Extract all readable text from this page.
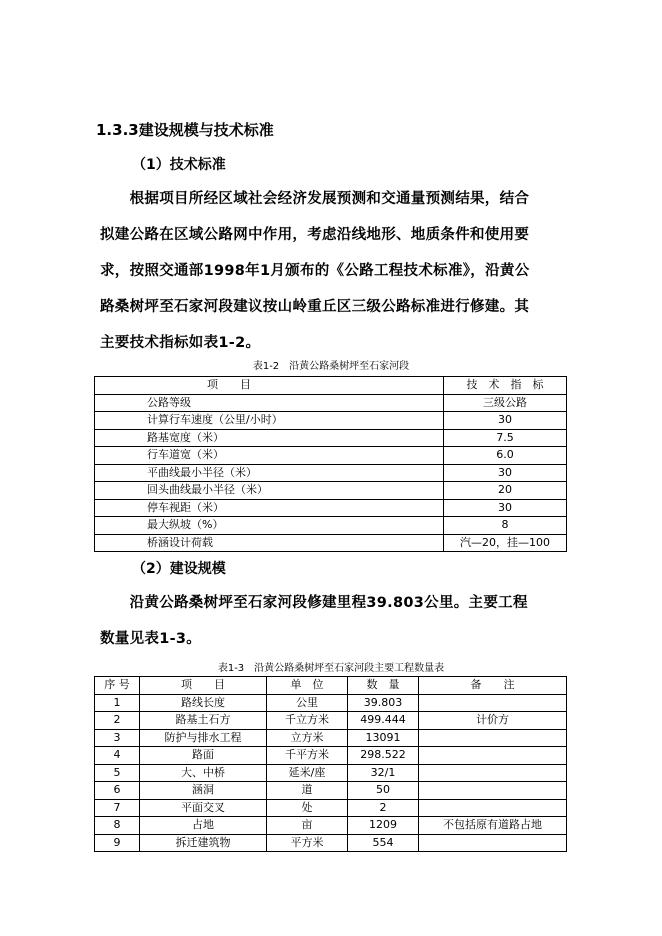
1.3.3建设规模与技术标准
（1）技术标准
　　根据项目所经区域社会经济发展预测和交通量预测结果，结合
拟建公路在区域公路网中作用，考虑沿线地形、地质条件和使用要
求，按照交通部1998年1月颁布的《公路工程技术标准》，沿黄公
路桑树坪至石家河段建议按山岭重丘区三级公路标准进行修建。其
主要技术指标如表1-2。
表1-2　沿黄公路桑树坪至石家河段
项　　目	技　术　指　标
公路等级	三级公路
计算行车速度（公里/小时）	30
路基宽度（米）	7.5
行车道宽（米）	6.0
平曲线最小半径（米）	30
回头曲线最小半径（米）	20
停车视距（米）	30
最大纵坡（%）	8
桥涵设计荷载	汽—20，挂—100
（2）建设规模
　　沿黄公路桑树坪至石家河段修建里程39.803公里。主要工程
数量见表1-3。
表1-3　沿黄公路桑树坪至石家河段主要工程数量表
序 号	项　　目	单　位	数　量	备　　注
1	路线长度	公里	39.803	
2	路基土石方	千立方米	499.444	计价方
3	防护与排水工程	立方米	13091	
4	路面	千平方米	298.522	
5	大、中桥	延米/座	32/1	
6	涵洞	道	50	
7	平面交叉	处	2	
8	占地	亩	1209	不包括原有道路占地
9	拆迁建筑物	平方米	554	
